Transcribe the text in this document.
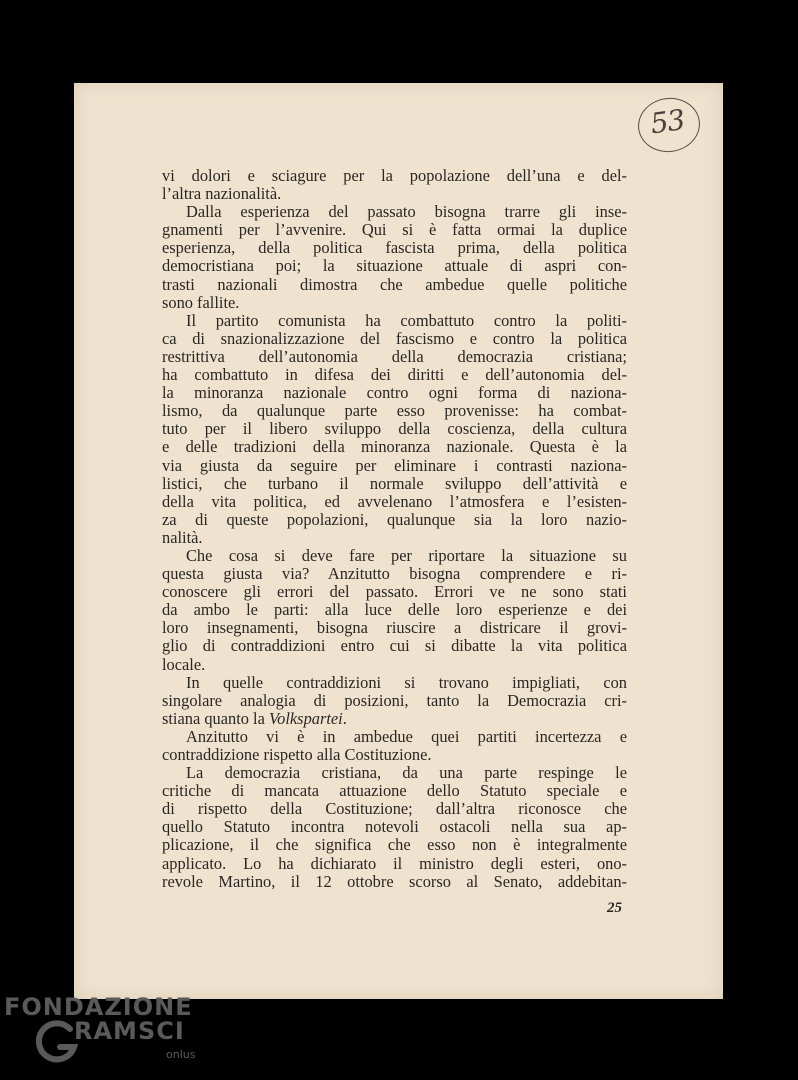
53
vi dolori e sciagure per la popolazione dell’una e del-
l’altra nazionalità.
Dalla esperienza del passato bisogna trarre gli inse-
gnamenti per l’avvenire. Qui si è fatta ormai la duplice
esperienza, della politica fascista prima, della politica
democristiana poi; la situazione attuale di aspri con-
trasti nazionali dimostra che ambedue quelle politiche
sono fallite.
Il partito comunista ha combattuto contro la politi-
ca di snazionalizzazione del fascismo e contro la politica
restrittiva dell’autonomia della democrazia cristiana;
ha combattuto in difesa dei diritti e dell’autonomia del-
la minoranza nazionale contro ogni forma di naziona-
lismo, da qualunque parte esso provenisse: ha combat-
tuto per il libero sviluppo della coscienza, della cultura
e delle tradizioni della minoranza nazionale. Questa è la
via giusta da seguire per eliminare i contrasti naziona-
listici, che turbano il normale sviluppo dell’attività e
della vita politica, ed avvelenano l’atmosfera e l’esisten-
za di queste popolazioni, qualunque sia la loro nazio-
nalità.
Che cosa si deve fare per riportare la situazione su
questa giusta via? Anzitutto bisogna comprendere e ri-
conoscere gli errori del passato. Errori ve ne sono stati
da ambo le parti: alla luce delle loro esperienze e dei
loro insegnamenti, bisogna riuscire a districare il grovi-
glio di contraddizioni entro cui si dibatte la vita politica
locale.
In quelle contraddizioni si trovano impigliati, con
singolare analogia di posizioni, tanto la Democrazia cri-
stiana quanto la Volkspartei.
Anzitutto vi è in ambedue quei partiti incertezza e
contraddizione rispetto alla Costituzione.
La democrazia cristiana, da una parte respinge le
critiche di mancata attuazione dello Statuto speciale e
di rispetto della Costituzione; dall’altra riconosce che
quello Statuto incontra notevoli ostacoli nella sua ap-
plicazione, il che significa che esso non è integralmente
applicato. Lo ha dichiarato il ministro degli esteri, ono-
revole Martino, il 12 ottobre scorso al Senato, addebitan-
25
FONDAZIONE
RAMSCI
onlus
